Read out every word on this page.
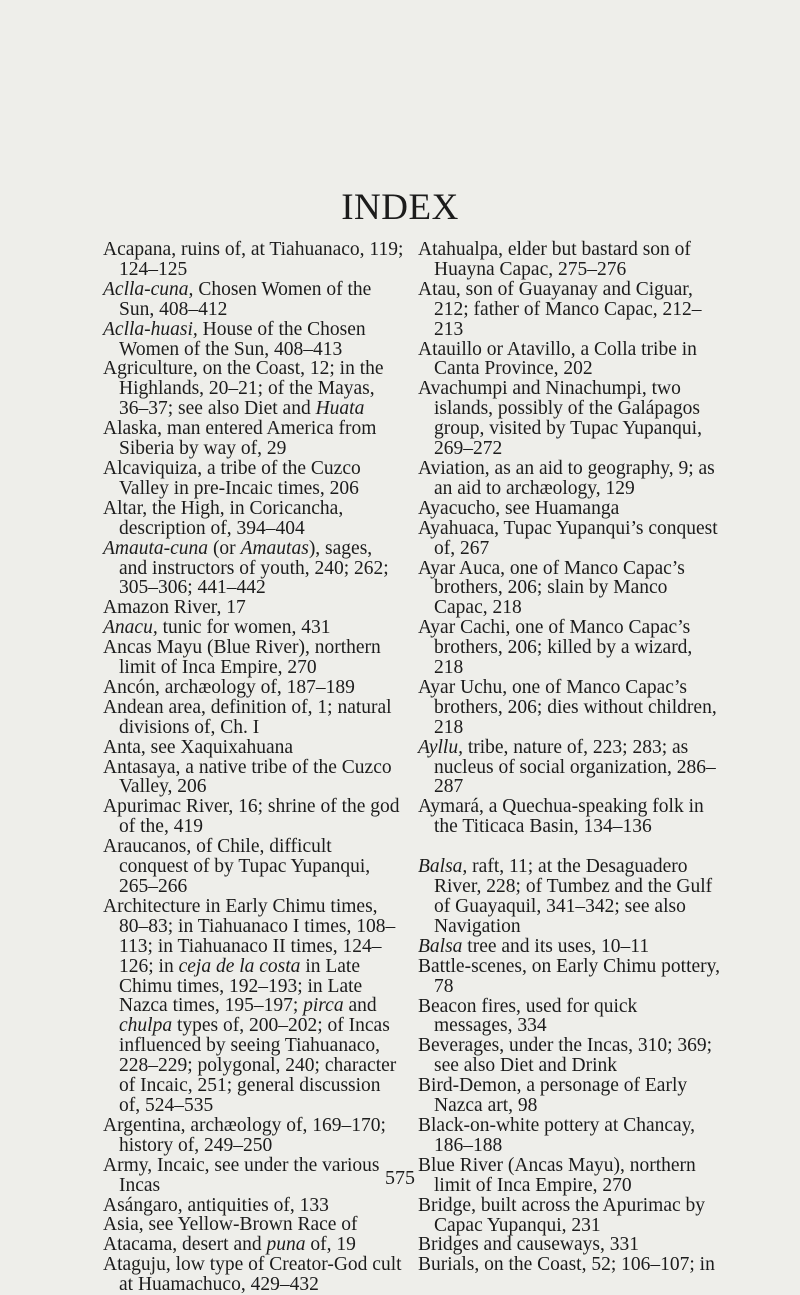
INDEX

Acapana, ruins of, at Tiahuanaco, 119; 124–125

Aclla-cuna, Chosen Women of the Sun, 408–412

Aclla-huasi, House of the Chosen Women of the Sun, 408–413

Agriculture, on the Coast, 12; in the Highlands, 20–21; of the Mayas, 36–37; see also Diet and Huata

Alaska, man entered America from Siberia by way of, 29

Alcaviquiza, a tribe of the Cuzco Valley in pre-Incaic times, 206

Altar, the High, in Coricancha, description of, 394–404

Amauta-cuna (or Amautas), sages, and instructors of youth, 240; 262; 305–306; 441–442

Amazon River, 17

Anacu, tunic for women, 431

Ancas Mayu (Blue River), northern limit of Inca Empire, 270

Ancón, archæology of, 187–189

Andean area, definition of, 1; natural divisions of, Ch. I

Anta, see Xaquixahuana

Antasaya, a native tribe of the Cuzco Valley, 206

Apurimac River, 16; shrine of the god of the, 419

Araucanos, of Chile, difficult conquest of by Tupac Yupanqui, 265–266

Architecture in Early Chimu times, 80–83; in Tiahuanaco I times, 108–113; in Tiahuanaco II times, 124–126; in ceja de la costa in Late Chimu times, 192–193; in Late Nazca times, 195–197; pirca and chulpa types of, 200–202; of Incas influenced by seeing Tiahuanaco, 228–229; polygonal, 240; character of Incaic, 251; general discussion of, 524–535

Argentina, archæology of, 169–170; history of, 249–250

Army, Incaic, see under the various Incas

Asángaro, antiquities of, 133

Asia, see Yellow-Brown Race of

Atacama, desert and puna of, 19

Ataguju, low type of Creator-God cult at Huamachuco, 429–432

Atahualpa, elder but bastard son of Huayna Capac, 275–276

Atau, son of Guayanay and Ciguar, 212; father of Manco Capac, 212–213

Atauillo or Atavillo, a Colla tribe in Canta Province, 202

Avachumpi and Ninachumpi, two islands, possibly of the Galápagos group, visited by Tupac Yupanqui, 269–272

Aviation, as an aid to geography, 9; as an aid to archæology, 129

Ayacucho, see Huamanga

Ayahuaca, Tupac Yupanqui’s conquest of, 267

Ayar Auca, one of Manco Capac’s brothers, 206; slain by Manco Capac, 218

Ayar Cachi, one of Manco Capac’s brothers, 206; killed by a wizard, 218

Ayar Uchu, one of Manco Capac’s brothers, 206; dies without children, 218

Ayllu, tribe, nature of, 223; 283; as nucleus of social organization, 286–287

Aymará, a Quechua-speaking folk in the Titicaca Basin, 134–136

Balsa, raft, 11; at the Desaguadero River, 228; of Tumbez and the Gulf of Guayaquil, 341–342; see also Navigation

Balsa tree and its uses, 10–11

Battle-scenes, on Early Chimu pottery, 78

Beacon fires, used for quick messages, 334

Beverages, under the Incas, 310; 369; see also Diet and Drink

Bird-Demon, a personage of Early Nazca art, 98

Black-on-white pottery at Chancay, 186–188

Blue River (Ancas Mayu), northern limit of Inca Empire, 270

Bridge, built across the Apurimac by Capac Yupanqui, 231

Bridges and causeways, 331

Burials, on the Coast, 52; 106–107; in

575
